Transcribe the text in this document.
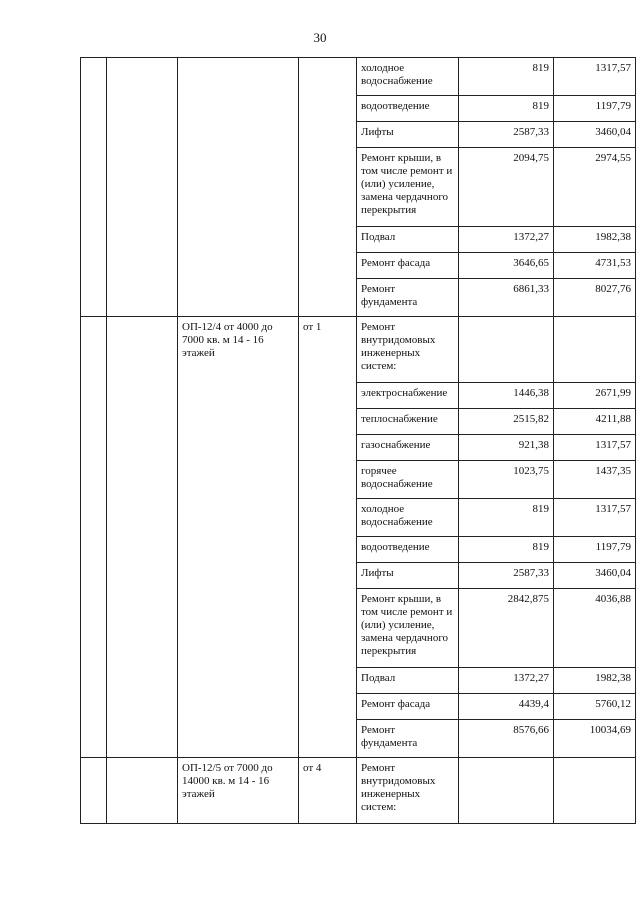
30
				холодное водоснабжение	819	1317,57
				водоотведение	819	1197,79
				Лифты	2587,33	3460,04
				Ремонт крыши, в том числе ремонт и (или) усиление, замена чердачного перекрытия	2094,75	2974,55
				Подвал	1372,27	1982,38
				Ремонт фасада	3646,65	4731,53
				Ремонт фундамента	6861,33	8027,76
		ОП-12/4 от 4000 до 7000 кв. м 14 - 16 этажей	от 1	Ремонт внутридомовых инженерных систем:		
				электроснабжение	1446,38	2671,99
				теплоснабжение	2515,82	4211,88
				газоснабжение	921,38	1317,57
				горячее водоснабжение	1023,75	1437,35
				холодное водоснабжение	819	1317,57
				водоотведение	819	1197,79
				Лифты	2587,33	3460,04
				Ремонт крыши, в том числе ремонт и (или) усиление, замена чердачного перекрытия	2842,875	4036,88
				Подвал	1372,27	1982,38
				Ремонт фасада	4439,4	5760,12
				Ремонт фундамента	8576,66	10034,69
		ОП-12/5 от 7000 до 14000 кв. м 14 - 16 этажей	от 4	Ремонт внутридомовых инженерных систем:		
